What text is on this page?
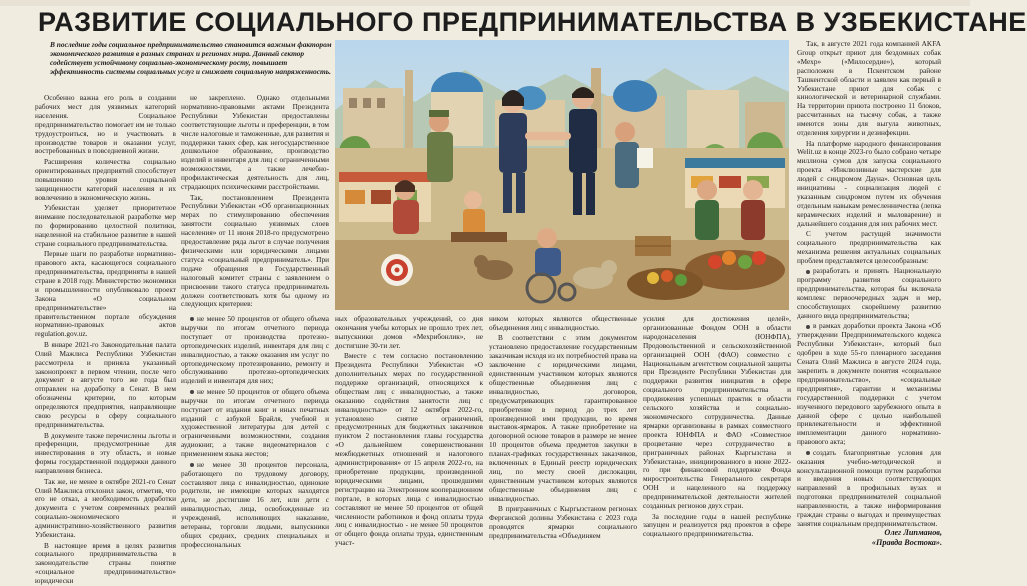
РАЗВИТИЕ СОЦИАЛЬНОГО ПРЕДПРИНИМАТЕЛЬСТВА В УЗБЕКИСТАНЕ
В последние годы социальное предпринимательство становится важным фактором экономического развития в разных странах и регионах мира. Данный сектор содействует устойчивому социально-экономическому росту, повышает эффективность системы социальных услуг и снижает социальную напряженность.

Особенно важна его роль в создании рабочих мест для уязвимых категорий населения. Социальное предпринимательство помогает им не только трудоустроиться, но и участвовать в производстве товаров и оказании услуг, востребованных в повседневной жизни.

Расширения количества социально ориентированных предприятий способствует повышению уровня социальной защищенности категорий населения и их вовлечению в экономическую жизнь.

Узбекистан уделяет приоритетное внимание последовательной разработке мер по формированию целостной политики, нацеленной на стабильное развитие в нашей стране социального предпринимательства.

Первые шаги по разработке нормативно-правового акта, касающегося социального предпринимательства, предприняты в нашей стране в 2018 году. Министерство экономики и промышленности опубликовало проект Закона «О социальном предпринимательстве» на правительственном портале обсуждения нормативно-правовых актов regulation.gov.uz.

В январе 2021-го Законодательная палата Олий Мажлиса Республики Узбекистан рассмотрела и приняла указанный законопроект в первом чтении, после чего документ в августе того же года был отправлен на доработку в Сенат. В нем обозначены критерии, по которым определяются предприятия, направляющие свою ресурсы в сферу социального предпринимательства.

В документе также перечислены льготы и преференции, предусмотренные для инвестирования в эту область, и новые формы государственной поддержки данного направления бизнеса.

Так же, не менее в октябре 2021-го Сенат Олий Мажлиса отклонил закон, отметив, что его не отказ, а необходимость доработки документа с учетом современных реалий социально-экономического и административно-хозяйственного развития Узбекистана.

В настоящее время в целях развития социального предпринимательства в законодательстве страны понятие «социальное предпринимательство» юридически

не закреплено. Однако отдельными нормативно-правовыми актами Президента Республики Узбекистан предоставлены соответствующие льготы и преференции, в том числе налоговые и таможенные, для развития и поддержки таких сфер, как негосударственное дошкольное образование, производство изделий и инвентаря для лиц с ограниченными возможностями, а также лечебно-профилактическая деятельность для лиц, страдающих психическими расстройствами.

Так, постановлением Президента Республики Узбекистан «Об организационных мерах по стимулированию обеспечения занятости социально уязвимых слоев населения» от 11 июня 2018-го предусмотрено предоставление ряда льгот в случае получения физическими или юридическими лицами статуса «социальный предприниматель». При подаче обращения в Государственный налоговый комитет страны с заявлением о присвоении такого статуса предприниматель должен соответствовать хотя бы одному из следующих критериев:

не менее 50 процентов от общего объема выручки по итогам отчетного периода поступает от производства протезно-ортопедических изделий, инвентаря для лиц с инвалидностью, а также оказания им услуг по ортопедическому протезированию, ремонту и обслуживанию протезно-ортопедических изделий и инвентаря для них;

не менее 50 процентов от общего объема выручки по итогам отчетного периода поступает от издания книг и иных печатных изданий с азбукой Брайля, учебной и художественной литературы для детей с ограниченными возможностями, создания аудиокниг, а также видеоматериалов с применением языка жестов;

не менее 30 процентов персонала, работающего по трудовому договору, составляют лица с инвалидностью, одинокие родители, не имеющие которых находятся дети, не достигшие 16 лет, или дети с инвалидностью, лица, освобожденные из учреждений, исполняющих наказание, ветераны, торговли людьми, выпускники общих средних, средних специальных и профессиональных

ных образовательных учреждений, со дня окончания учебы которых не прошло трех лет, выпускники домов «Мехрибонлик», не достигшие 30-ти лет.

Вместе с тем согласно постановлению Президента Республики Узбекистан «О дополнительных мерах по государственной поддержке организаций, относящихся к обществам лиц с инвалидностью, а также оказанию содействия занятости лиц с инвалидностью» от 12 октября 2022-го, установлено снятие ограничений, предусмотренных для бюджетных заказчиков пунктом 2 постановления главы государства «О дальнейшем совершенствовании межбюджетных отношений и налогового администрирования» от 15 апреля 2022-го, на приобретение продукции, произведенной юридическими лицами, прошедшими регистрацию на Электронном кооперационном портале, в которых лица с инвалидностью составляют не менее 50 процентов от общей численности работников и фонд оплаты труда лиц с инвалидностью - не менее 50 процентов от общего фонда оплаты труда, единственным участ-

ником которых являются общественные объединения лиц с инвалидностью.

В соответствии с этим документом установлено предоставление государственным заказчикам исходя из их потребностей права на заключение с юридическими лицами, единственным участником которых являются общественные объединения лиц с инвалидностью, договоров, предусматривающих гарантированное приобретение в период до трех лет произведенной ими продукции, во время выставок-ярмарок. А также приобретение на договорной основе товаров в размере не менее 10 процентов объема предметов закупки в планах-графиках государственных заказчиков, включенных в Единый реестр юридических лиц, по месту своей дислокации, единственным участником которых являются общественные объединения лиц с инвалидностью.

В приграничных с Кыргызстаном регионах Ферганской долины Узбекистана с 2023 года проводятся ярмарки социального предпринимательства «Объединяем

усилия для достижения целей», организованные Фондом ООН в области народонаселения (ЮНФПА), Продовольственной и сельскохозяйственной организацией ООН (ФАО) совместно с Национальным агентством социальной защиты при Президенте Республики Узбекистан для поддержки развития инициатив в сфере социального предпринимательства и продвижения успешных практик в области сельского хозяйства и социально-экономического сотрудничества. Данные ярмарки организованы в рамках совместного проекта ЮНФПА и ФАО «Совместное процветание через сотрудничество в приграничных районах Кыргызстана и Узбекистана», инициированного в июне 2022-го при финансовой поддержке Фонда миростроительства Генерального секретаря ООН и нацеленного на поддержку предпринимательской деятельности жителей созданных регионов двух стран.

За последние годы в нашей республике запущен и реализуется ряд проектов в сфере социального предпринимательства.

Так, в августе 2021 года компанией AKFA Group открыт приют для бездомных собак «Мехр» («Милосердие»), который расположен в Пскентском районе Ташкентской области и заявлен как первый в Узбекистане приют для собак с кинологической и ветеринарной службами. На территории приюта построено 11 блоков, рассчитанных на тысячу собак, а также имеются зоны для выгула животных, отделения хирургии и дезинфекции.

На платформе народного финансирования Welit.uz в конце 2023-го было собрано четыре миллиона сумов для запуска социального проекта «Инклюзивные мастерские для людей с синдромом Дауна». Основная цель инициативы - социализация людей с указанным синдромом путем их обучения отдельным навыкам ремесленничества (лепка керамических изделий и мыловарение) и дальнейшего создания для них рабочих мест.

С учетом растущей значимости социального предпринимательства как механизма решения актуальных социальных проблем представляется целесообразным:

разработать и принять Национальную программу развития социального предпринимательства, которая бы включала комплекс первоочередных задач и мер, способствующих скорейшему развитию данного вида предпринимательства;

в рамках доработки проекта Закона «Об утверждении Предпринимательского кодекса Республики Узбекистан», который был одобрен в ходе 55-го пленарного заседания Сената Олий Мажлиса в августе 2024 года, закрепить в документе понятия «социальное предпринимательство», «социальные предприятия», гарантии и механизмы государственной поддержки с учетом изученного передового зарубежного опыта в данной сфере с целью наибольшей привлекательности и эффективной имплементации данного нормативно-правового акта;

создать благоприятные условия для оказания учебно-методической и консультационной помощи путем разработки и введения новых соответствующих направлений в профильных вузах и подготовки предпринимателей социальной направленности, а также информирования граждан страны о выгодах и преимуществах занятия социальным предпринимательством.

Олег Липманов,
«Правда Востока».
